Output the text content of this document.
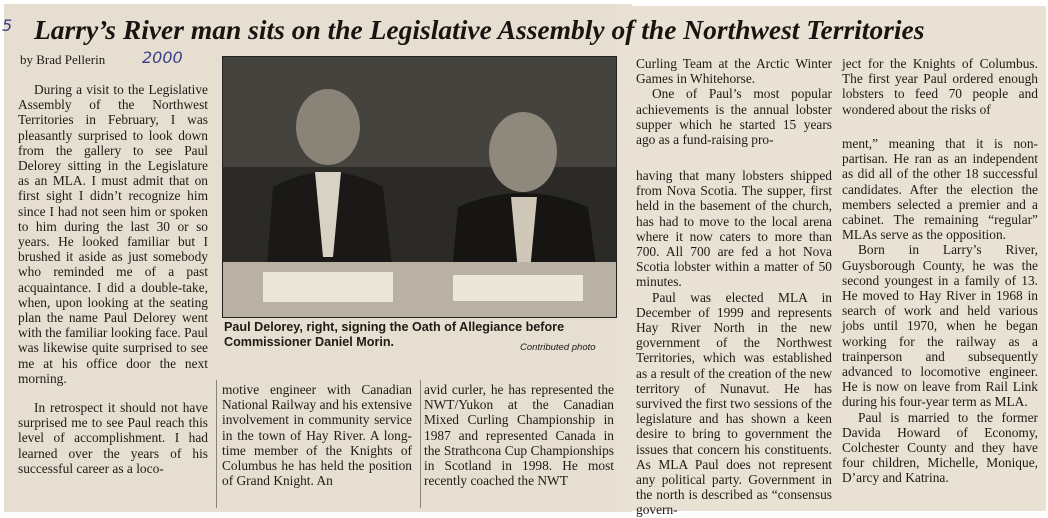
5 Larry’s River man sits on the Legislative Assembly of the Northwest Territories
by Brad Pellerin 2000
During a visit to the Legislative Assembly of the Northwest Territories in February, I was pleasantly surprised to look down from the gallery to see Paul Delorey sitting in the Legislature as an MLA. I must admit that on first sight I didn’t recognize him since I had not seen him or spoken to him during the last 30 or so years. He looked familiar but I brushed it aside as just somebody who reminded me of a past acquaintance. I did a double-take, when, upon looking at the seating plan the name Paul Delorey went with the familiar looking face. Paul was likewise quite surprised to see me at his office door the next morning.
In retrospect it should not have surprised me to see Paul reach this level of accomplishment. I had learned over the years of his successful career as a loco-
Paul Delorey, right, signing the Oath of Allegiance before Commissioner Daniel Morin.	Contributed photo

motive engineer with Canadian National Railway and his extensive involvement in community service in the town of Hay River. A long-time member of the Knights of Columbus he has held the position of Grand Knight. An

avid curler, he has represented the NWT/Yukon at the Canadian Mixed Curling Championship in 1987 and represented Canada in the Strathcona Cup Championships in Scotland in 1998. He most recently coached the NWT

Curling Team at the Arctic Winter Games in Whitehorse.
One of Paul’s most popular achievements is the annual lobster supper which he started 15 years ago as a fund-raising pro-

ject for the Knights of Columbus. The first year Paul ordered enough lobsters to feed 70 people and wondered about the risks of

having that many lobsters shipped from Nova Scotia. The supper, first held in the basement of the church, has had to move to the local arena where it now caters to more than 700. All 700 are fed a hot Nova Scotia lobster within a matter of 50 minutes.
Paul was elected MLA in December of 1999 and represents Hay River North in the new government of the Northwest Territories, which was established as a result of the creation of the new territory of Nunavut. He has survived the first two sessions of the legislature and has shown a keen desire to bring to government the issues that concern his constituents. As MLA Paul does not represent any political party. Government in the north is described as “consensus govern-
ment,” meaning that it is non-partisan. He ran as an independent as did all of the other 18 successful candidates. After the election the members selected a premier and a cabinet. The remaining “regular” MLAs serve as the opposition.
Born in Larry’s River, Guysborough County, he was the second youngest in a family of 13. He moved to Hay River in 1968 in search of work and held various jobs until 1970, when he began working for the railway as a trainperson and subsequently advanced to locomotive engineer. He is now on leave from Rail Link during his four-year term as MLA.
Paul is married to the former Davida Howard of Economy, Colchester County and they have four children, Michelle, Monique, D’arcy and Katrina.
